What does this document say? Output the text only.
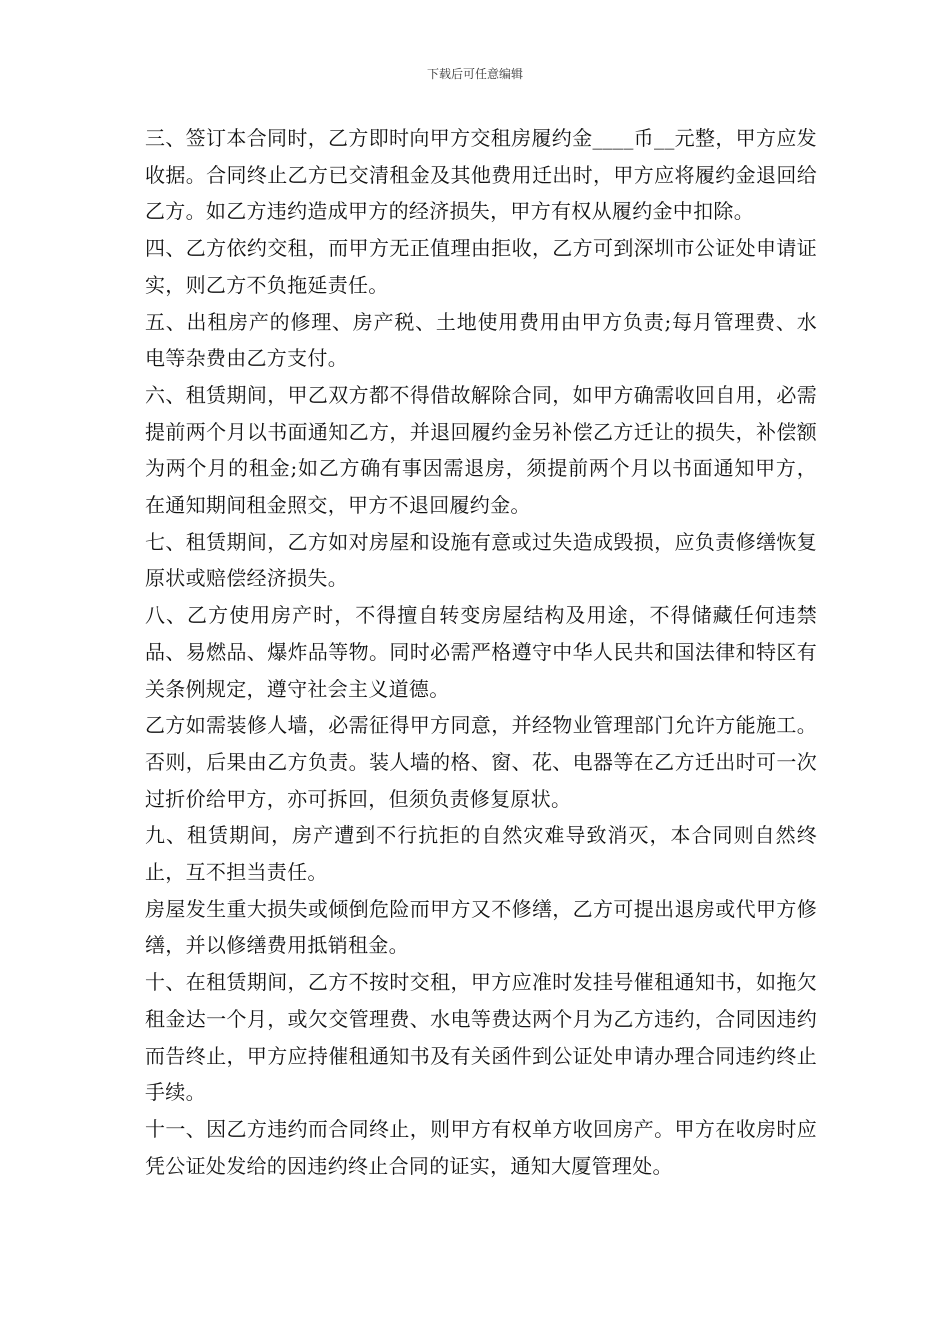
下载后可任意编辑

三、签订本合同时，乙方即时向甲方交租房履约金____币__元整，甲方应发收据。合同终止乙方已交清租金及其他费用迁出时，甲方应将履约金退回给乙方。如乙方违约造成甲方的经济损失，甲方有权从履约金中扣除。

四、乙方依约交租，而甲方无正值理由拒收，乙方可到深圳市公证处申请证实，则乙方不负拖延责任。

五、出租房产的修理、房产税、土地使用费用由甲方负责;每月管理费、水电等杂费由乙方支付。

六、租赁期间，甲乙双方都不得借故解除合同，如甲方确需收回自用，必需提前两个月以书面通知乙方，并退回履约金另补偿乙方迁让的损失，补偿额为两个月的租金;如乙方确有事因需退房，须提前两个月以书面通知甲方，在通知期间租金照交，甲方不退回履约金。

七、租赁期间，乙方如对房屋和设施有意或过失造成毁损，应负责修缮恢复原状或赔偿经济损失。

八、乙方使用房产时，不得擅自转变房屋结构及用途，不得储藏任何违禁品、易燃品、爆炸品等物。同时必需严格遵守中华人民共和国法律和特区有关条例规定，遵守社会主义道德。

乙方如需装修人墙，必需征得甲方同意，并经物业管理部门允许方能施工。否则，后果由乙方负责。装人墙的格、窗、花、电器等在乙方迁出时可一次过折价给甲方，亦可拆回，但须负责修复原状。

九、租赁期间，房产遭到不行抗拒的自然灾难导致消灭，本合同则自然终止，互不担当责任。

房屋发生重大损失或倾倒危险而甲方又不修缮，乙方可提出退房或代甲方修缮，并以修缮费用抵销租金。

十、在租赁期间，乙方不按时交租，甲方应准时发挂号催租通知书，如拖欠租金达一个月，或欠交管理费、水电等费达两个月为乙方违约，合同因违约而告终止，甲方应持催租通知书及有关函件到公证处申请办理合同违约终止手续。

十一、因乙方违约而合同终止，则甲方有权单方收回房产。甲方在收房时应凭公证处发给的因违约终止合同的证实，通知大厦管理处。
